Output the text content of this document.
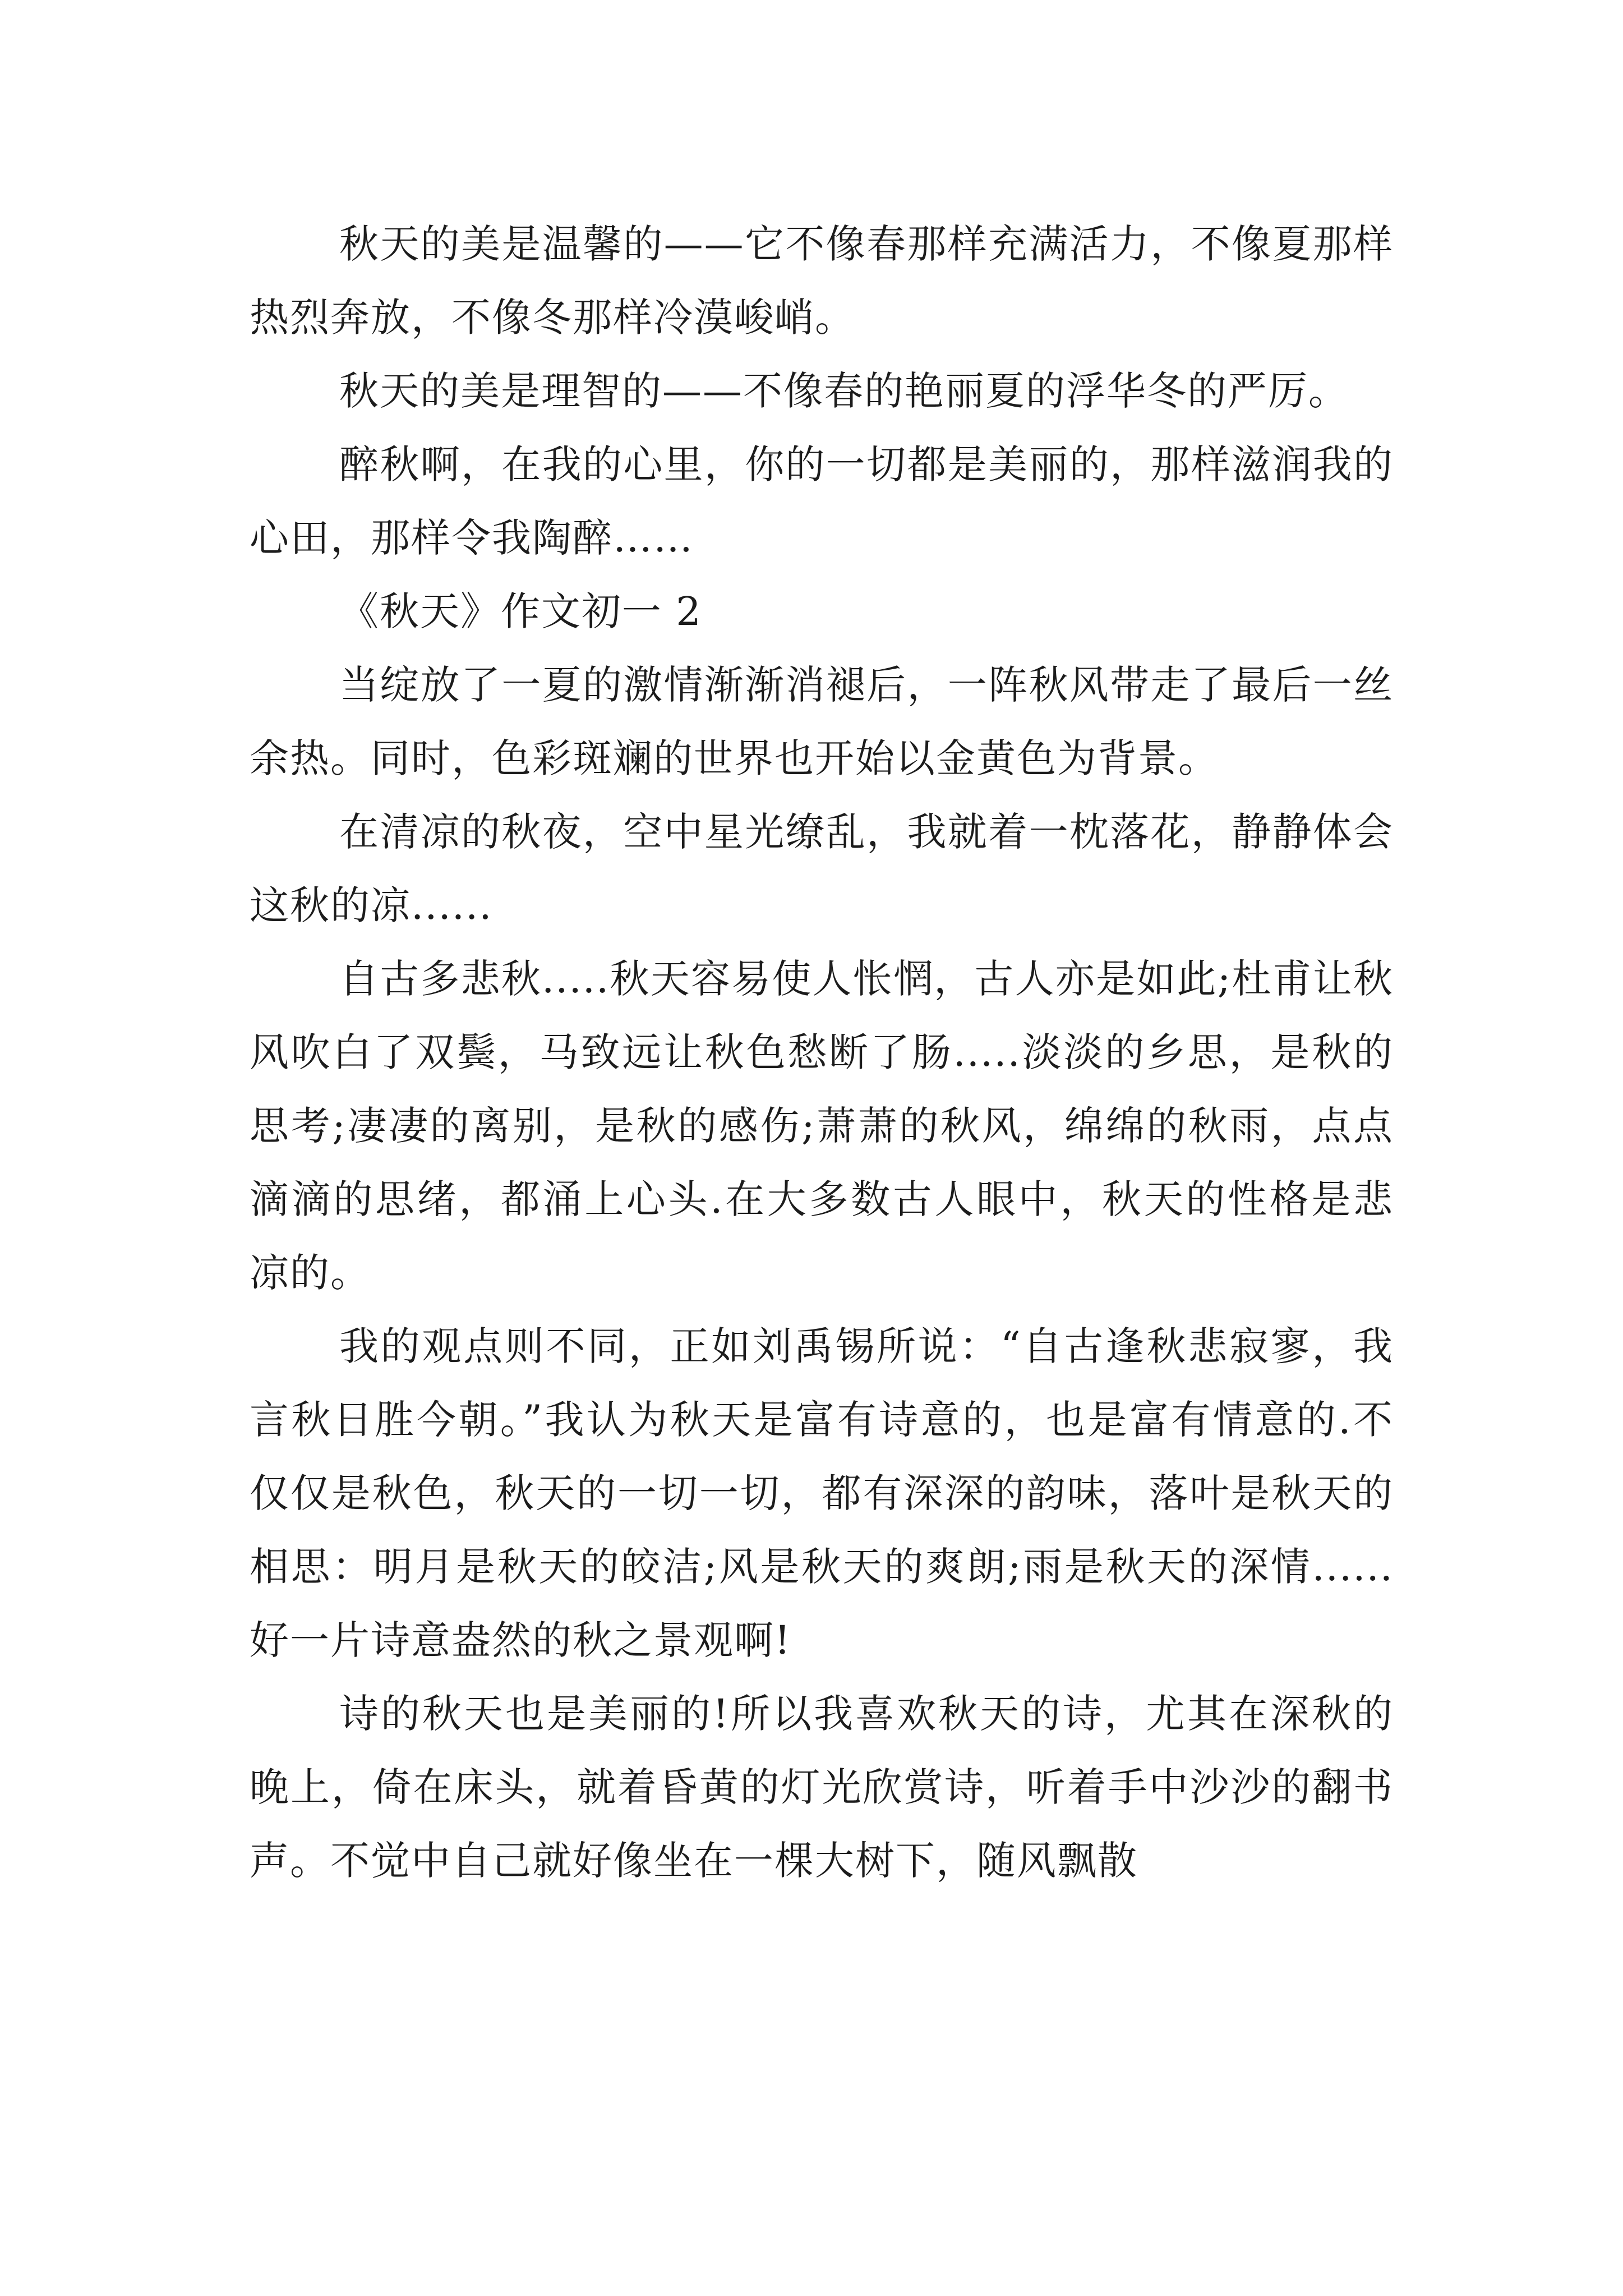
秋天的美是温馨的——它不像春那样充满活力，不像夏那样热烈奔放，不像冬那样冷漠峻峭。

秋天的美是理智的——不像春的艳丽夏的浮华冬的严厉。

醉秋啊，在我的心里，你的一切都是美丽的，那样滋润我的心田，那样令我陶醉……

《秋天》作文初一 2

当绽放了一夏的激情渐渐消褪后，一阵秋风带走了最后一丝余热。同时，色彩斑斓的世界也开始以金黄色为背景。

在清凉的秋夜，空中星光缭乱，我就着一枕落花，静静体会这秋的凉......

自古多悲秋.....秋天容易使人怅惘，古人亦是如此;杜甫让秋风吹白了双鬓，马致远让秋色愁断了肠.....淡淡的乡思，是秋的思考;凄凄的离别，是秋的感伤;萧萧的秋风，绵绵的秋雨，点点滴滴的思绪，都涌上心头.在大多数古人眼中，秋天的性格是悲凉的。

我的观点则不同，正如刘禹锡所说：“自古逢秋悲寂寥，我言秋日胜今朝。”我认为秋天是富有诗意的，也是富有情意的.不仅仅是秋色，秋天的一切一切，都有深深的韵味，落叶是秋天的相思：明月是秋天的皎洁;风是秋天的爽朗;雨是秋天的深情......好一片诗意盎然的秋之景观啊!

诗的秋天也是美丽的!所以我喜欢秋天的诗，尤其在深秋的晚上，倚在床头，就着昏黄的灯光欣赏诗，听着手中沙沙的翻书声。不觉中自己就好像坐在一棵大树下，随风飘散
